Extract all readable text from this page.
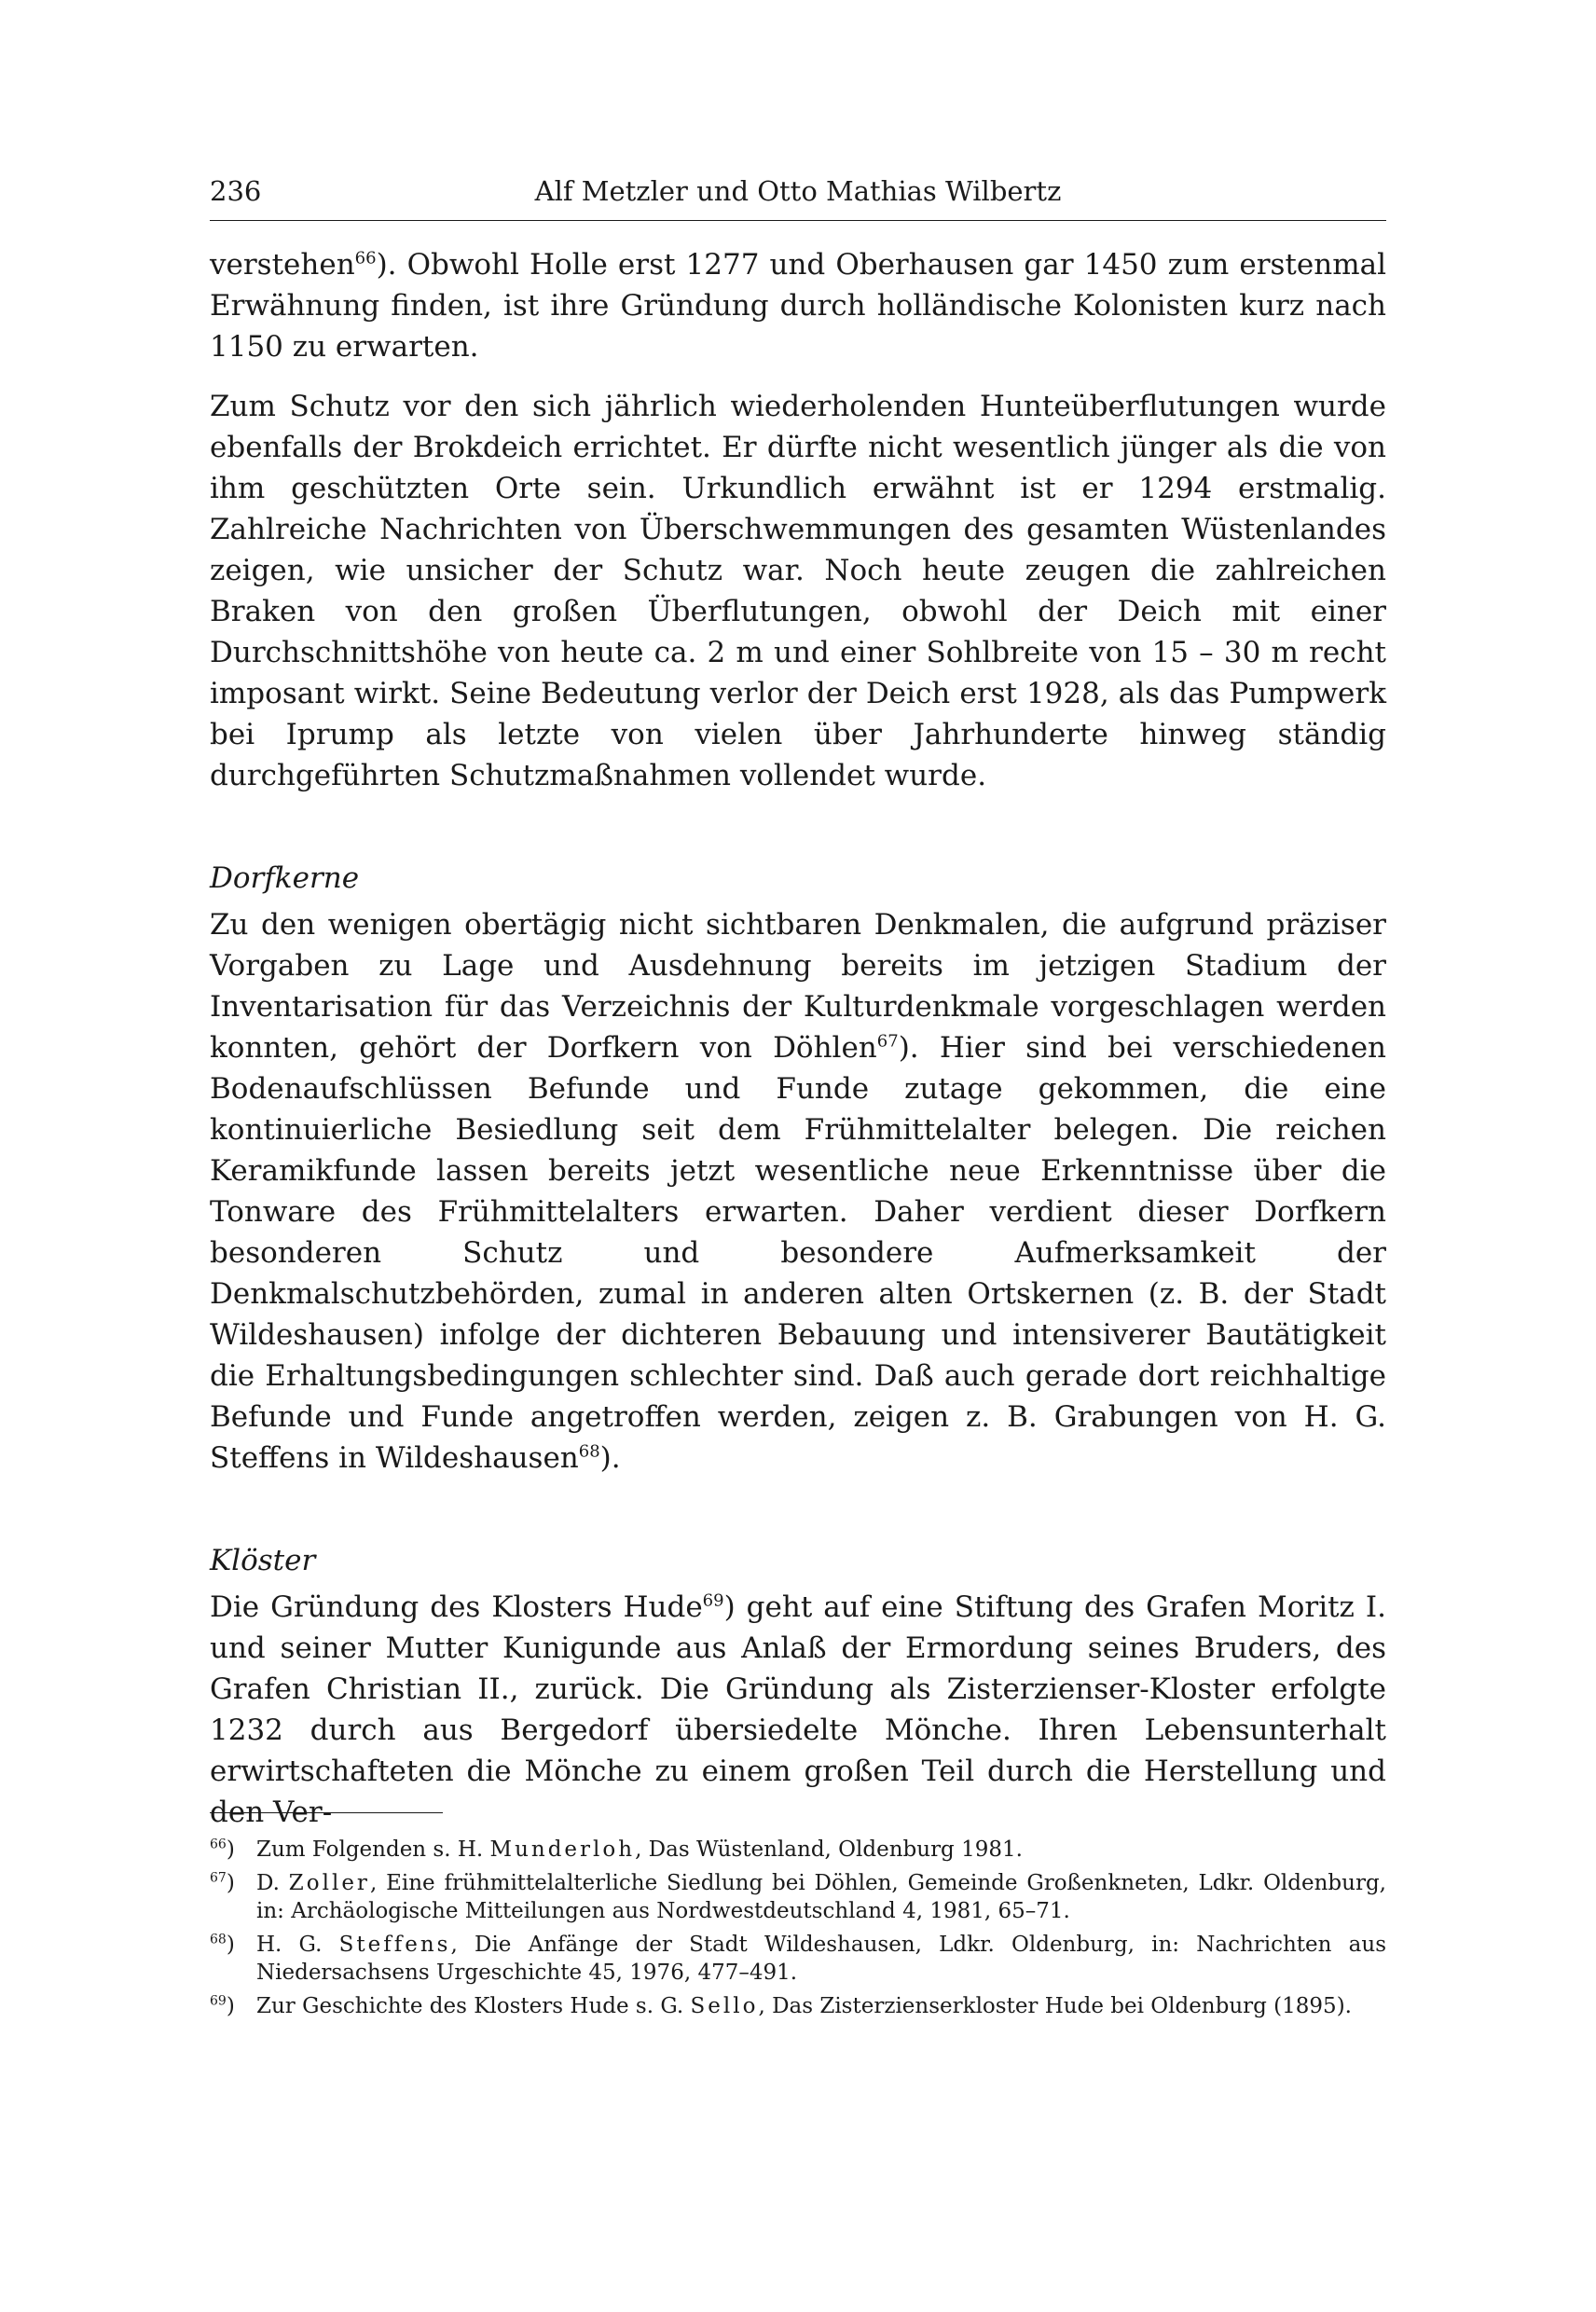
236	Alf Metzler und Otto Mathias Wilbertz

verstehen$^{66}$). Obwohl Holle erst 1277 und Oberhausen gar 1450 zum erstenmal Erwähnung finden, ist ihre Gründung durch holländische Kolonisten kurz nach 1150 zu erwarten.

Zum Schutz vor den sich jährlich wiederholenden Hunteüberflutungen wurde ebenfalls der Brokdeich errichtet. Er dürfte nicht wesentlich jünger als die von ihm geschützten Orte sein. Urkundlich erwähnt ist er 1294 erstmalig. Zahlreiche Nachrichten von Überschwemmungen des gesamten Wüstenlandes zeigen, wie unsicher der Schutz war. Noch heute zeugen die zahlreichen Braken von den großen Überflutungen, obwohl der Deich mit einer Durchschnittshöhe von heute ca. 2 m und einer Sohlbreite von 15 – 30 m recht imposant wirkt. Seine Bedeutung verlor der Deich erst 1928, als das Pumpwerk bei Iprump als letzte von vielen über Jahrhunderte hinweg ständig durchgeführten Schutzmaßnahmen vollendet wurde.

Dorfkerne

Zu den wenigen obertägig nicht sichtbaren Denkmalen, die aufgrund präziser Vorgaben zu Lage und Ausdehnung bereits im jetzigen Stadium der Inventarisation für das Verzeichnis der Kulturdenkmale vorgeschlagen werden konnten, gehört der Dorfkern von Döhlen$^{67}$). Hier sind bei verschiedenen Bodenaufschlüssen Befunde und Funde zutage gekommen, die eine kontinuierliche Besiedlung seit dem Frühmittelalter belegen. Die reichen Keramikfunde lassen bereits jetzt wesentliche neue Erkenntnisse über die Tonware des Frühmittelalters erwarten. Daher verdient dieser Dorfkern besonderen Schutz und besondere Aufmerksamkeit der Denkmalschutzbehörden, zumal in anderen alten Ortskernen (z. B. der Stadt Wildeshausen) infolge der dichteren Bebauung und intensiverer Bautätigkeit die Erhaltungsbedingungen schlechter sind. Daß auch gerade dort reichhaltige Befunde und Funde angetroffen werden, zeigen z. B. Grabungen von H. G. Steffens in Wildeshausen$^{68}$).

Klöster

Die Gründung des Klosters Hude$^{69}$) geht auf eine Stiftung des Grafen Moritz I. und seiner Mutter Kunigunde aus Anlaß der Ermordung seines Bruders, des Grafen Christian II., zurück. Die Gründung als Zisterzienser-Kloster erfolgte 1232 durch aus Bergedorf übersiedelte Mönche. Ihren Lebensunterhalt erwirtschafteten die Mönche zu einem großen Teil durch die Herstellung und den Ver-

$^{66}$) Zum Folgenden s. H. Munderloh, Das Wüstenland, Oldenburg 1981.
$^{67}$) D. Zoller, Eine frühmittelalterliche Siedlung bei Döhlen, Gemeinde Großenkneten, Ldkr. Oldenburg, in: Archäologische Mitteilungen aus Nordwestdeutschland 4, 1981, 65–71.
$^{68}$) H. G. Steffens, Die Anfänge der Stadt Wildeshausen, Ldkr. Oldenburg, in: Nachrichten aus Niedersachsens Urgeschichte 45, 1976, 477–491.
$^{69}$) Zur Geschichte des Klosters Hude s. G. Sello, Das Zisterzienserkloster Hude bei Oldenburg (1895).
